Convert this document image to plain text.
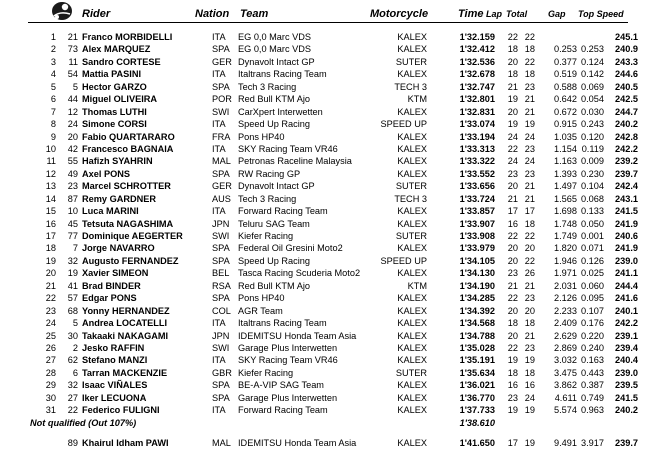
Rider	Nation Team	Motorcycle	Time Lap Total Gap Top Speed
1 21 Franco MORBIDELLI	ITA EG 0,0 Marc VDS	KALEX	1'32.159 22 22	245.1
2 73 Alex MARQUEZ	SPA EG 0,0 Marc VDS	KALEX	1'32.412 18 18 0.253 0.253 240.9
3 11 Sandro CORTESE	GER Dynavolt Intact GP	SUTER	1'32.536 20 22 0.377 0.124 243.3
4 54 Mattia PASINI	ITA Italtrans Racing Team	KALEX	1'32.678 18 18 0.519 0.142 244.6
5 5 Hector GARZO	SPA Tech 3 Racing	TECH 3	1'32.747 21 23 0.588 0.069 240.5
6 44 Miguel OLIVEIRA	POR Red Bull KTM Ajo	KTM	1'32.801 19 21 0.642 0.054 242.5
7 12 Thomas LUTHI	SWI CarXpert Interwetten	KALEX	1'32.831 20 21 0.672 0.030 244.7
8 24 Simone CORSI	ITA Speed Up Racing	SPEED UP	1'33.074 19 19 0.915 0.243 240.2
9 20 Fabio QUARTARARO	FRA Pons HP40	KALEX	1'33.194 24 24 1.035 0.120 242.8
10 42 Francesco BAGNAIA	ITA SKY Racing Team VR46	KALEX	1'33.313 22 23 1.154 0.119 242.2
11 55 Hafizh SYAHRIN	MAL Petronas Raceline Malaysia	KALEX	1'33.322 24 24 1.163 0.009 239.2
12 49 Axel PONS	SPA RW Racing GP	KALEX	1'33.552 23 23 1.393 0.230 239.7
13 23 Marcel SCHROTTER	GER Dynavolt Intact GP	SUTER	1'33.656 20 21 1.497 0.104 242.4
14 87 Remy GARDNER	AUS Tech 3 Racing	TECH 3	1'33.724 21 21 1.565 0.068 243.1
15 10 Luca MARINI	ITA Forward Racing Team	KALEX	1'33.857 17 17 1.698 0.133 241.5
16 45 Tetsuta NAGASHIMA	JPN Teluru SAG Team	KALEX	1'33.907 16 18 1.748 0.050 241.9
17 77 Dominique AEGERTER	SWI Kiefer Racing	SUTER	1'33.908 22 22 1.749 0.001 240.6
18 7 Jorge NAVARRO	SPA Federal Oil Gresini Moto2	KALEX	1'33.979 20 20 1.820 0.071 241.9
19 32 Augusto FERNANDEZ	SPA Speed Up Racing	SPEED UP	1'34.105 20 22 1.946 0.126 239.0
20 19 Xavier SIMEON	BEL Tasca Racing Scuderia Moto2	KALEX	1'34.130 23 26 1.971 0.025 241.1
21 41 Brad BINDER	RSA Red Bull KTM Ajo	KTM	1'34.190 21 21 2.031 0.060 244.4
22 57 Edgar PONS	SPA Pons HP40	KALEX	1'34.285 22 23 2.126 0.095 241.6
23 68 Yonny HERNANDEZ	COL AGR Team	KALEX	1'34.392 20 20 2.233 0.107 240.1
24 5 Andrea LOCATELLI	ITA Italtrans Racing Team	KALEX	1'34.568 18 18 2.409 0.176 242.2
25 30 Takaaki NAKAGAMI	JPN IDEMITSU Honda Team Asia	KALEX	1'34.788 20 21 2.629 0.220 239.1
26 2 Jesko RAFFIN	SWI Garage Plus Interwetten	KALEX	1'35.028 22 23 2.869 0.240 239.4
27 62 Stefano MANZI	ITA SKY Racing Team VR46	KALEX	1'35.191 19 19 3.032 0.163 240.4
28 6 Tarran MACKENZIE	GBR Kiefer Racing	SUTER	1'35.634 18 18 3.475 0.443 239.0
29 32 Isaac VIÑALES	SPA BE-A-VIP SAG Team	KALEX	1'36.021 16 16 3.862 0.387 239.5
30 27 Iker LECUONA	SPA Garage Plus Interwetten	KALEX	1'36.770 23 24 4.611 0.749 241.5
31 22 Federico FULIGNI	ITA Forward Racing Team	KALEX	1'37.733 19 19 5.574 0.963 240.2
Not qualified (Out 107%)	1'38.610
89 Khairul Idham PAWI	MAL IDEMITSU Honda Team Asia	KALEX	1'41.650 17 19 9.491 3.917 239.7
